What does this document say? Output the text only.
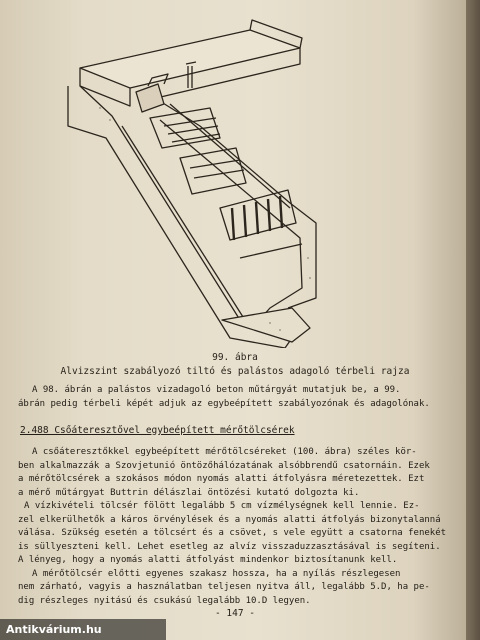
99. ábra
Alvizszint szabályozó tiltó és palástos adagoló térbeli rajza
A 98. ábrán a palástos vizadagoló beton műtárgyát mutatjuk be, a 99.
ábrán pedig térbeli képét adjuk az egybeépített szabályozónak és adagolónak.
2.488 Csőáteresztővel egybeépített mérőtölcsérek
A csőáteresztőkkel egybeépített mérőtölcséreket (100. ábra) széles kör-
ben alkalmazzák a Szovjetunió öntözőhálózatának alsóbbrendű csatornáin. Ezek
a mérőtölcsérek a szokásos módon nyomás alatti átfolyásra méretezettek. Ezt
a mérő műtárgyat Buttrin délászlai öntözési kutató dolgozta ki.
A vízkivételi tölcsér fölött legalább 5 cm vízmélységnek kell lennie. Ez-
zel elkerülhetők a káros örvénylések és a nyomás alatti átfolyás bizonytalanná
válása. Szükség esetén a tölcsért és a csövet, s vele együtt a csatorna fenekét
is süllyeszteni kell. Lehet esetleg az alvíz visszaduzzasztásával is segíteni.
A lényeg, hogy a nyomás alatti átfolyást mindenkor biztosítanunk kell.
A mérőtölcsér előtti egyenes szakasz hossza, ha a nyílás részlegesen
nem zárható, vagyis a használatban teljesen nyitva áll, legalább 5.D, ha pe-
dig részleges nyitású és csukású legalább 10.D legyen.
- 147 -
Antikvárium.hu
